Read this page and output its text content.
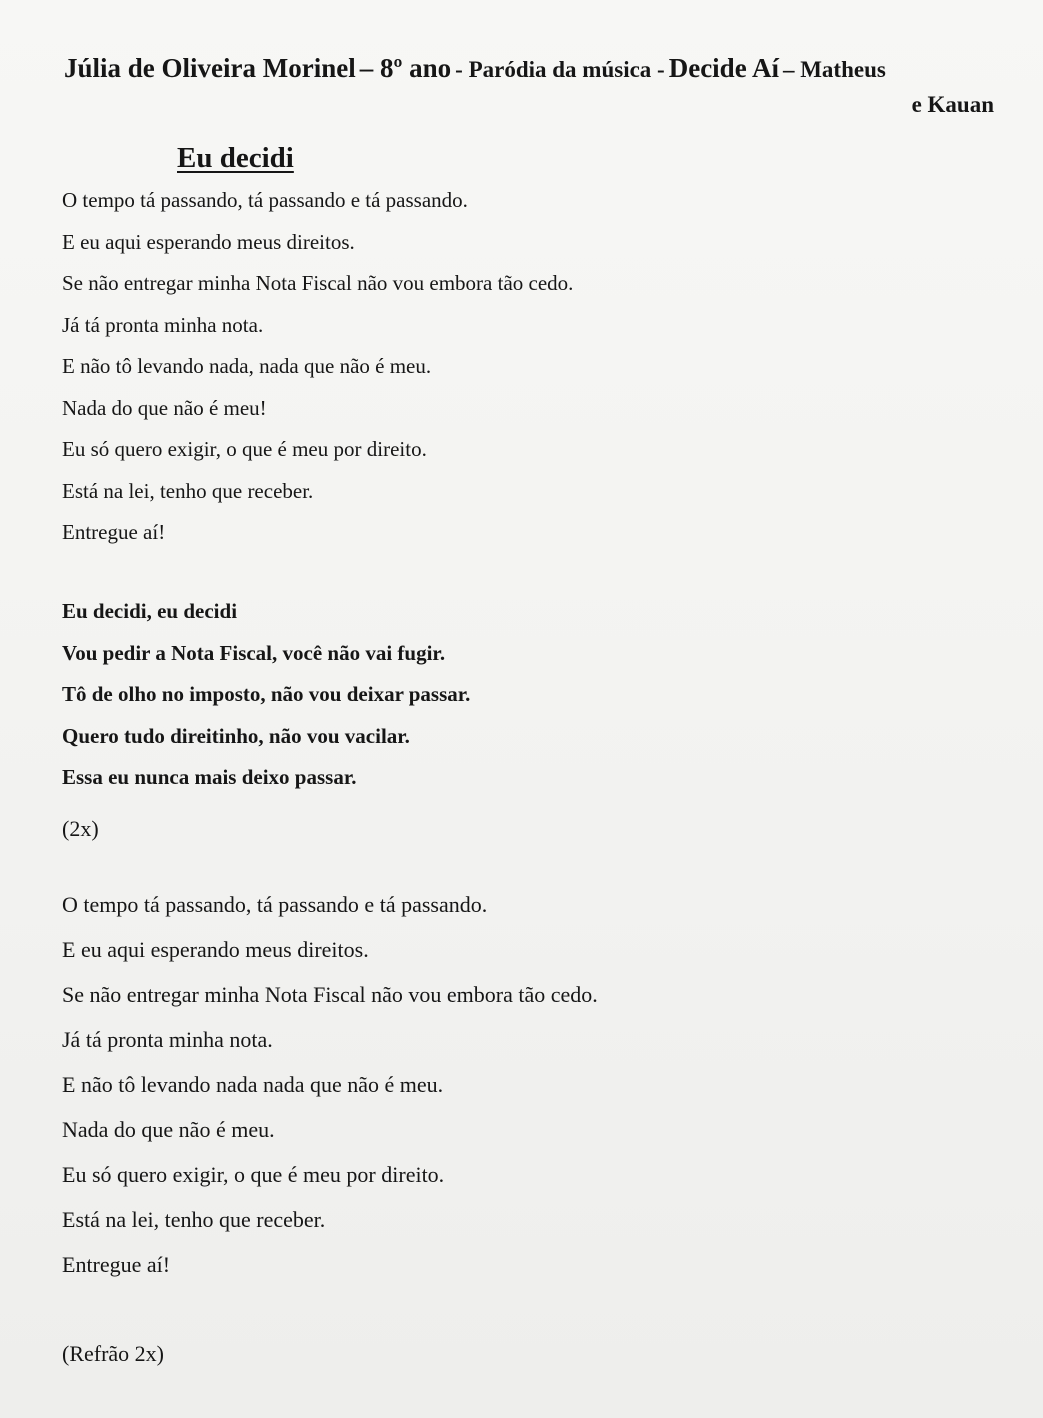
Júlia de Oliveira Morinel – 8º ano - Paródia da música - Decide Aí – Matheus
e Kauan
Eu decidi
O tempo tá passando, tá passando e tá passando.
E eu aqui esperando meus direitos.
Se não entregar minha Nota Fiscal não vou embora tão cedo.
Já tá pronta minha nota.
E não tô levando nada, nada que não é meu.
Nada do que não é meu!
Eu só quero exigir, o que é meu por direito.
Está na lei, tenho que receber.
Entregue aí!
Eu decidi, eu decidi
Vou pedir a Nota Fiscal, você não vai fugir.
Tô de olho no imposto, não vou deixar passar.
Quero tudo direitinho, não vou vacilar.
Essa eu nunca mais deixo passar.
(2x)
O tempo tá passando, tá passando e tá passando.
E eu aqui esperando meus direitos.
Se não entregar minha Nota Fiscal não vou embora tão cedo.
Já tá pronta minha nota.
E não tô levando nada nada que não é meu.
Nada do que não é meu.
Eu só quero exigir, o que é meu por direito.
Está na lei, tenho que receber.
Entregue aí!
(Refrão 2x)
